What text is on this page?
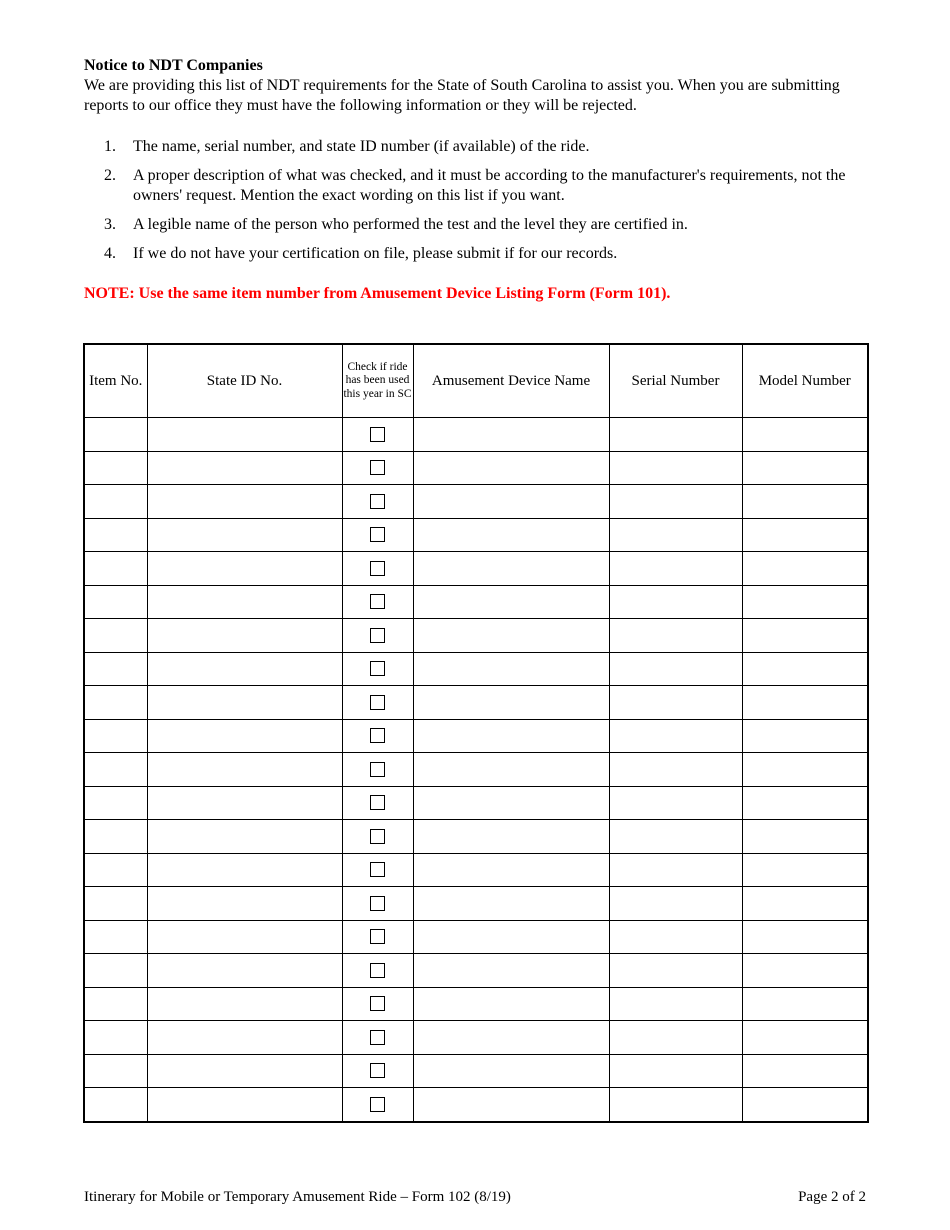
Notice to NDT Companies

We are providing this list of NDT requirements for the State of South Carolina to assist you. When you are submitting reports to our office they must have the following information or they will be rejected.

1.	The name, serial number, and state ID number (if available) of the ride.
2.	A proper description of what was checked, and it must be according to the manufacturer's requirements, not the owners' request. Mention the exact wording on this list if you want.
3.	A legible name of the person who performed the test and the level they are certified in.
4.	If we do not have your certification on file, please submit if for our records.
NOTE: Use the same item number from Amusement Device Listing Form (Form 101).
Item No.	State ID No.	Check if ride has been used this year in SC	Amusement Device Name	Serial Number	Model Number

Itinerary for Mobile or Temporary Amusement Ride – Form 102 (8/19)	Page 2 of 2
